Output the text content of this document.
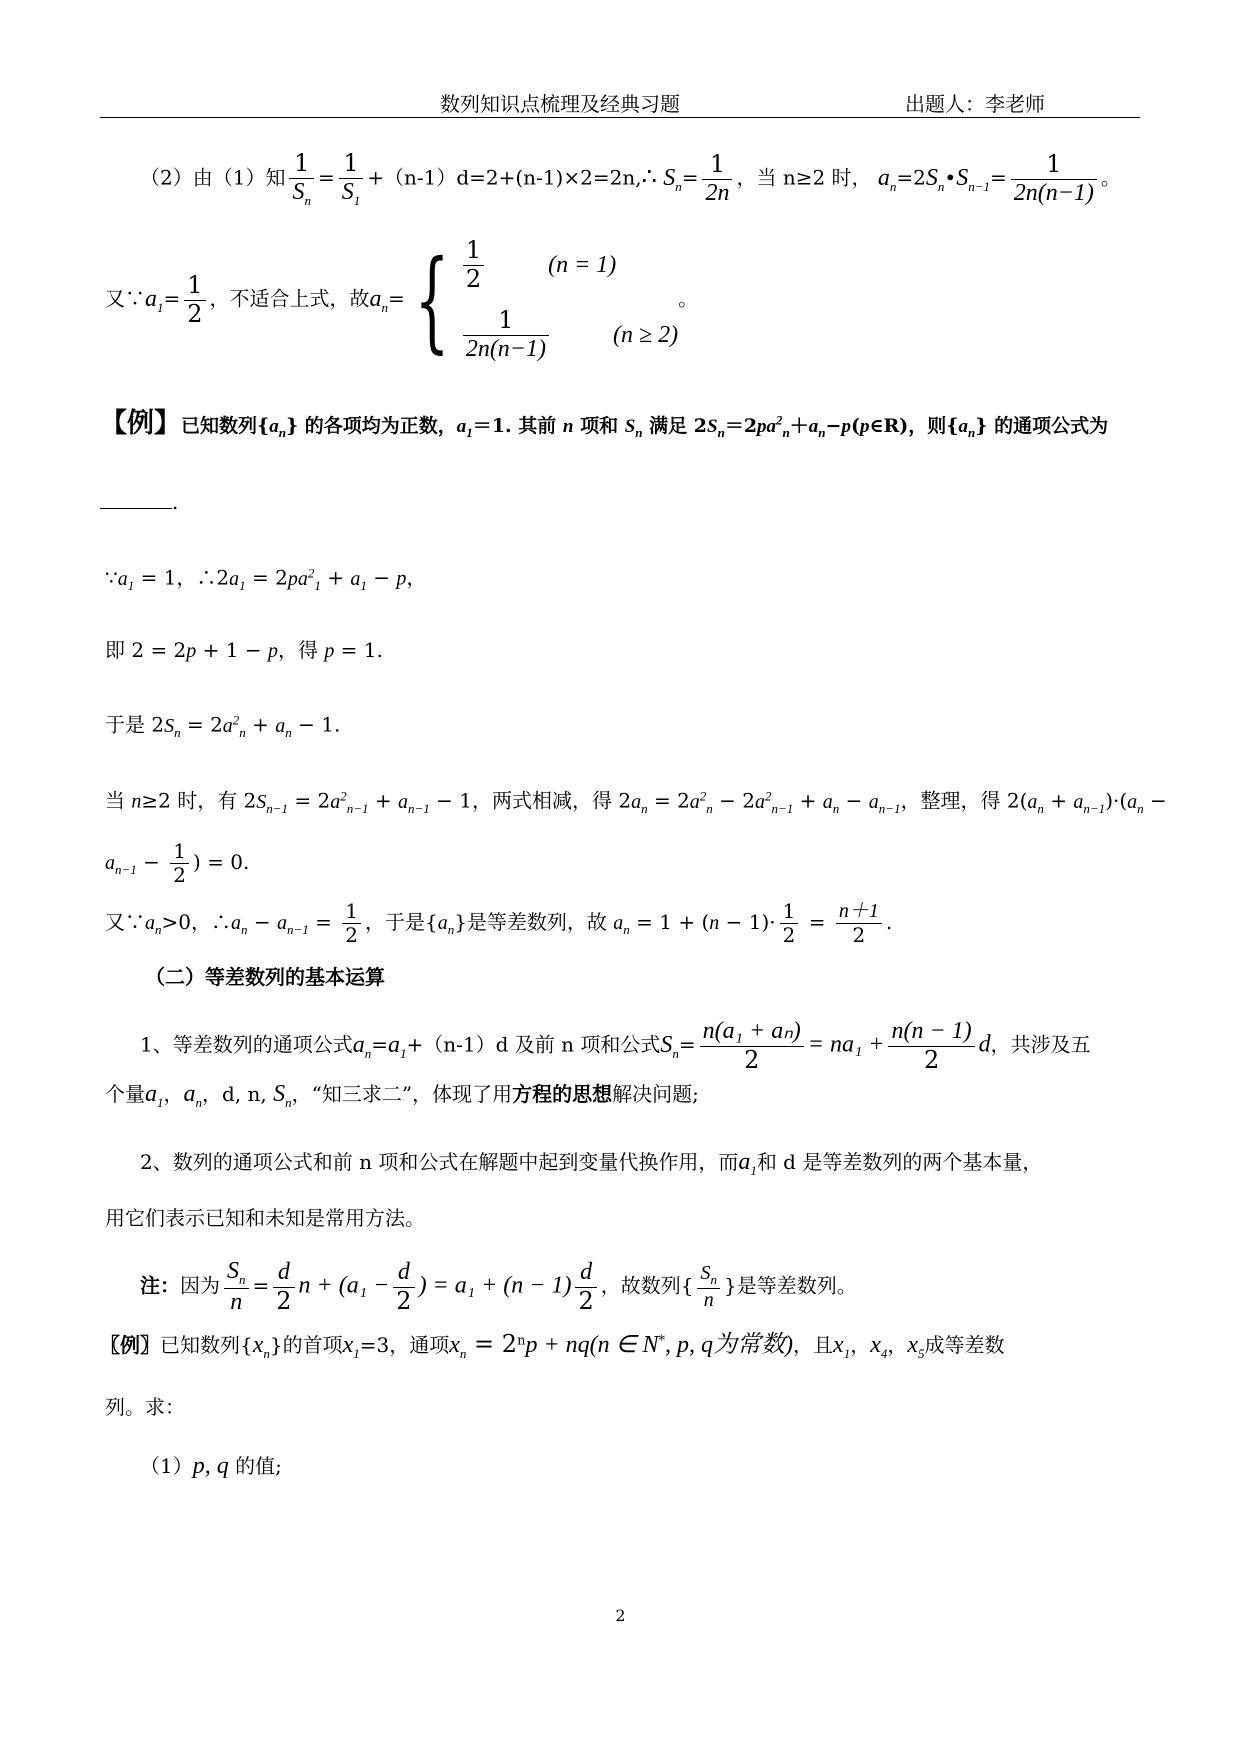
数列知识点梳理及经典习题	出题人：李老师
（2）由（1）知 $\frac{1}{S_n} = \frac{1}{S_1}$ +（n-1）d=2+(n-1)×2=2n,∴ $S_n= \frac{1}{2n}$ ，当 n≥2 时， $a_n=2S_n•S_{n-1}= \frac{1}{2n(n-1)}$ 。
又$\because a_1= \frac{1}{2}$ ，不适合上式，故$a_n=\{ \frac{1}{2}$	(n = 1)
$\frac{1}{2n(n-1)}$	(n ≥ 2)
。
【例】已知数列$\{a_n\}$ 的各项均为正数，$a_1=1$. 其前 n 项和 $S_n$ 满足 $2S_n=2pa^2_n+a_n-p(p\in R)$，则$\{a_n\}$ 的通项公式为
.
$\because a_1 = 1$，$\therefore 2a_1 = 2pa^2_1 + a_1 - p$，
即 2 = 2p + 1 − p，得 p = 1.
于是 $2S_n = 2a^2_n + a_n - 1$.
当 n≥2 时，有 $2S_{n-1} = 2a^2_{n-1} + a_{n-1} - 1$，两式相减，得 $2a_n = 2a^2_n - 2a^2_{n-1} + a_n - a_{n-1}$，整理，得 $2(a_n + a_{n-1})\cdot(a_n$ −
$a_{n-1} - \frac{1}{2}$ ) = 0.
又$\because a_n>0$，$\therefore a_n - a_{n-1} = \frac{1}{2}$ ，于是$\{a_n\}$是等差数列，故 $a_n = 1 + (n - 1)\cdot \frac{1}{2} = \frac{n+1}{2}$ .
（二）等差数列的基本运算
1、等差数列的通项公式$a_n=a_1+(n-1)d$ 及前 n 项和公式$S_n= \frac{\text{n(a₁ + aₙ)}}{2} = na_1 + \frac{n(n - 1)}{2}$ d，共涉及五
个量$a_1$，$a_n$，d, n, $S_n$，“知三求二”，体现了用方程的思想解决问题;
2、数列的通项公式和前 n 项和公式在解题中起到变量代换作用，而$a_1$和 d 是等差数列的两个基本量，
用它们表示已知和未知是常用方法。
注：因为 $\frac{S_n}{n} = \frac{d}{2}$ $n + (a_1 - \frac{d}{2}$ ) = $a_1 + (n - 1) \frac{d}{2}$ ，故数列{ $\frac{S_n}{n}$ }是等差数列。
〖例〗已知数列$\{x_n\}$的首项$x_1=3$，通项$x_n = 2^np + nq(n$ ∈ N*, p, q为常数)，且$x_1$，$x_4$，$x_5$成等差数
列。求：
（1）p, q 的值;
2
